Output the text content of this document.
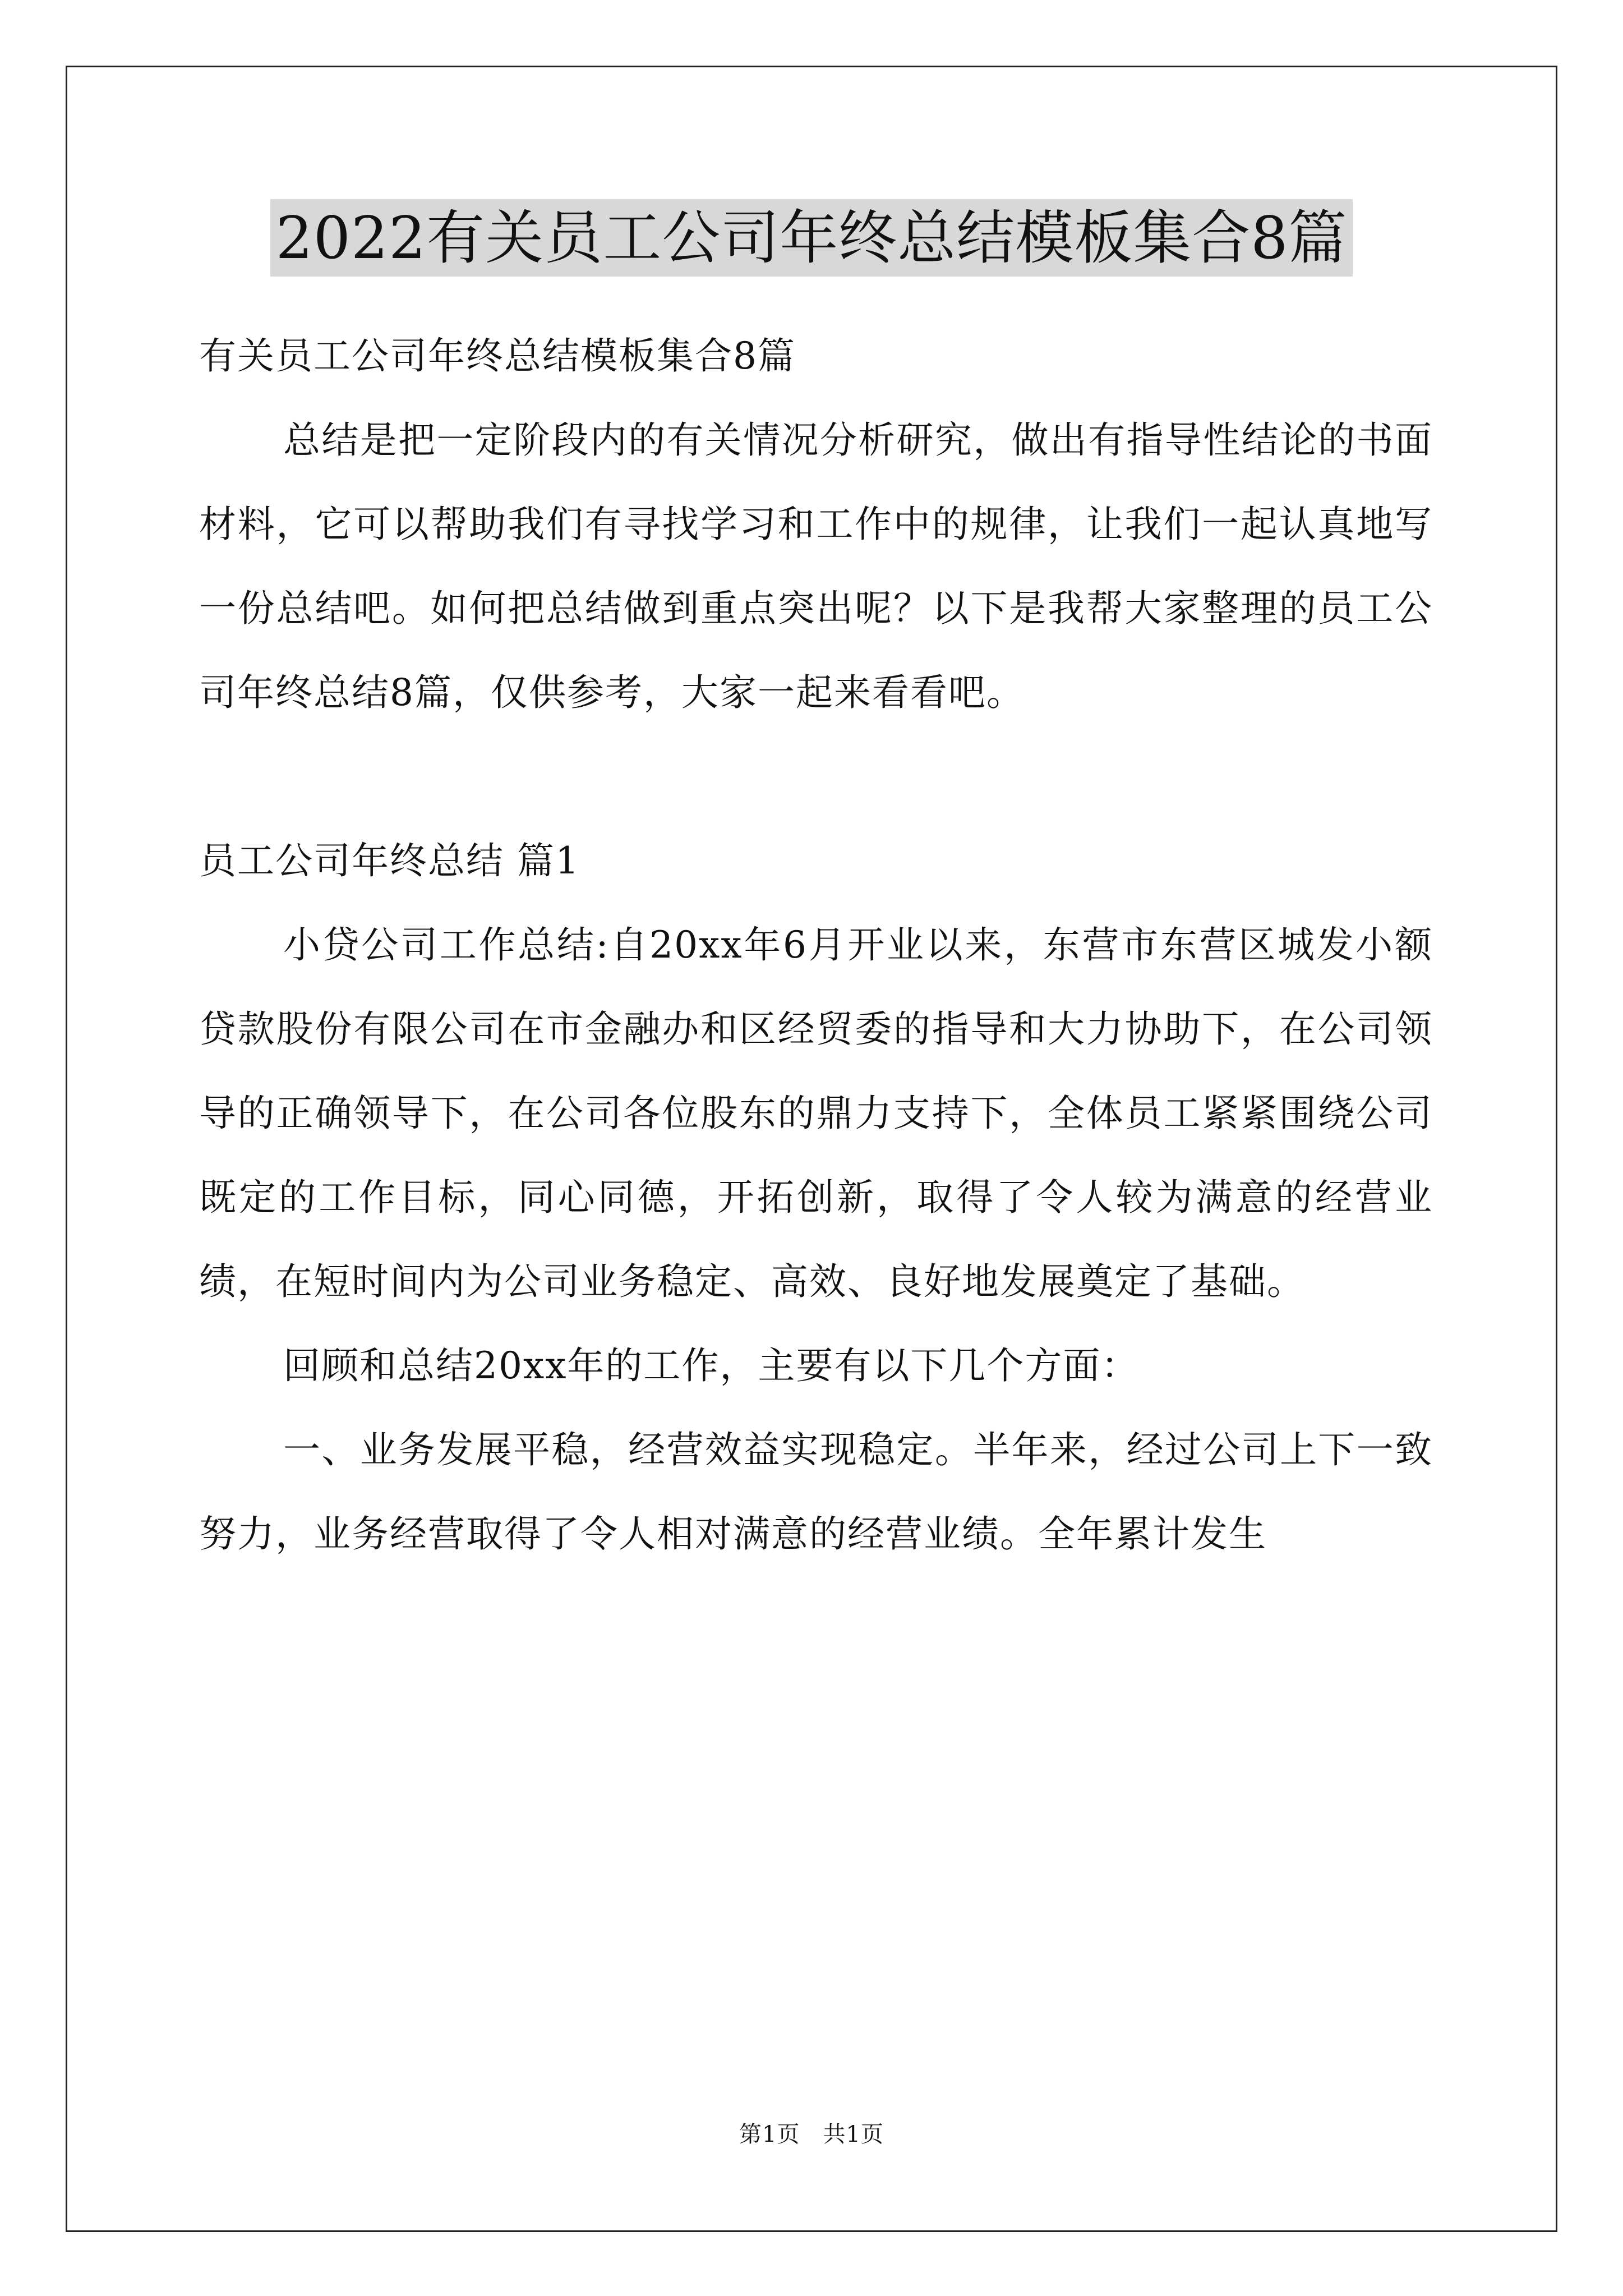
2022有关员工公司年终总结模板集合8篇

有关员工公司年终总结模板集合8篇

总结是把一定阶段内的有关情况分析研究，做出有指导性结论的书面材料，它可以帮助我们有寻找学习和工作中的规律，让我们一起认真地写一份总结吧。如何把总结做到重点突出呢？以下是我帮大家整理的员工公司年终总结8篇，仅供参考，大家一起来看看吧。

员工公司年终总结 篇1

小贷公司工作总结:自20xx年6月开业以来，东营市东营区城发小额贷款股份有限公司在市金融办和区经贸委的指导和大力协助下，在公司领导的正确领导下，在公司各位股东的鼎力支持下，全体员工紧紧围绕公司既定的工作目标，同心同德，开拓创新，取得了令人较为满意的经营业绩，在短时间内为公司业务稳定、高效、良好地发展奠定了基础。

回顾和总结20xx年的工作，主要有以下几个方面：

一、业务发展平稳，经营效益实现稳定。半年来，经过公司上下一致努力，业务经营取得了令人相对满意的经营业绩。全年累计发生

第1页　共1页
